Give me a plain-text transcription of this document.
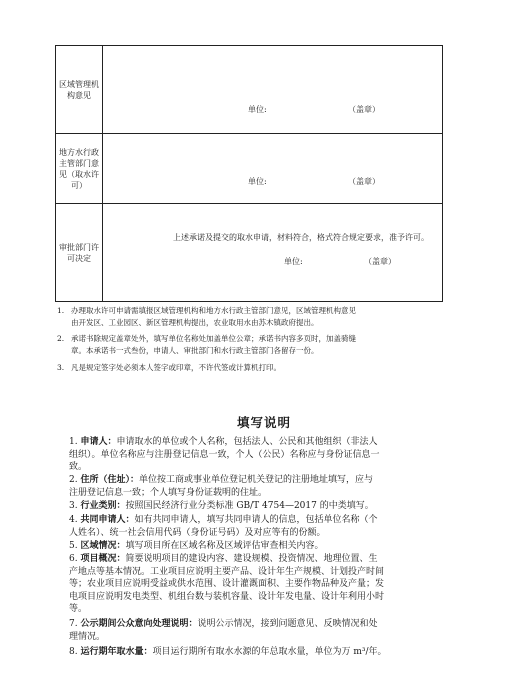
区域管理机构意见	单位: （盖章）

地方水行政主管部门意见（取水许可）	单位: （盖章）

审批部门许可决定	上述承诺及提交的取水申请，材料符合，格式符合规定要求，准予许可。
单位: （盖章）
1. 办理取水许可申请需填报区域管理机构和地方水行政主管部门意见，区域管理机构意见
由开发区、工业园区、新区管理机构提出，农业取用水由苏木镇政府提出。
2. 承诺书除规定盖章处外，填写单位名称处加盖单位公章；承诺书内容多页时，加盖骑缝
章。本承诺书一式叁份，申请人、审批部门和水行政主管部门各留存一份。
3. 凡是规定签字处必须本人签字或印章，不许代签或计算机打印。
填写说明
1. 申请人：申请取水的单位或个人名称，包括法人、公民和其他组织（非法人
组织）。单位名称应与注册登记信息一致，个人（公民）名称应与身份证信息一
致。
2. 住所（住址）：单位按工商或事业单位登记机关登记的注册地址填写，应与
注册登记信息一致；个人填写身份证载明的住址。
3. 行业类别：按照国民经济行业分类标准 GB/T 4754—2017 的中类填写。
4. 共同申请人：如有共同申请人，填写共同申请人的信息，包括单位名称（个
人姓名）、统一社会信用代码（身份证号码）及对应等有的份额。
5. 区域情况：填写项目所在区域名称及区域评估审查相关内容。
6. 项目概况：简要说明项目的建设内容、建设规模、投资情况、地理位置、生
产地点等基本情况。工业项目应说明主要产品、设计年生产规模、计划投产时间
等；农业项目应说明受益或供水范围、设计灌溉面积、主要作物品种及产量；发
电项目应说明发电类型、机组台数与装机容量、设计年发电量、设计年利用小时
等。
7. 公示期间公众意向处理说明：说明公示情况，接到问题意见、反映情况和处
理情况。
8. 运行期年取水量：项目运行期所有取水水源的年总取水量，单位为万 m³/年。
